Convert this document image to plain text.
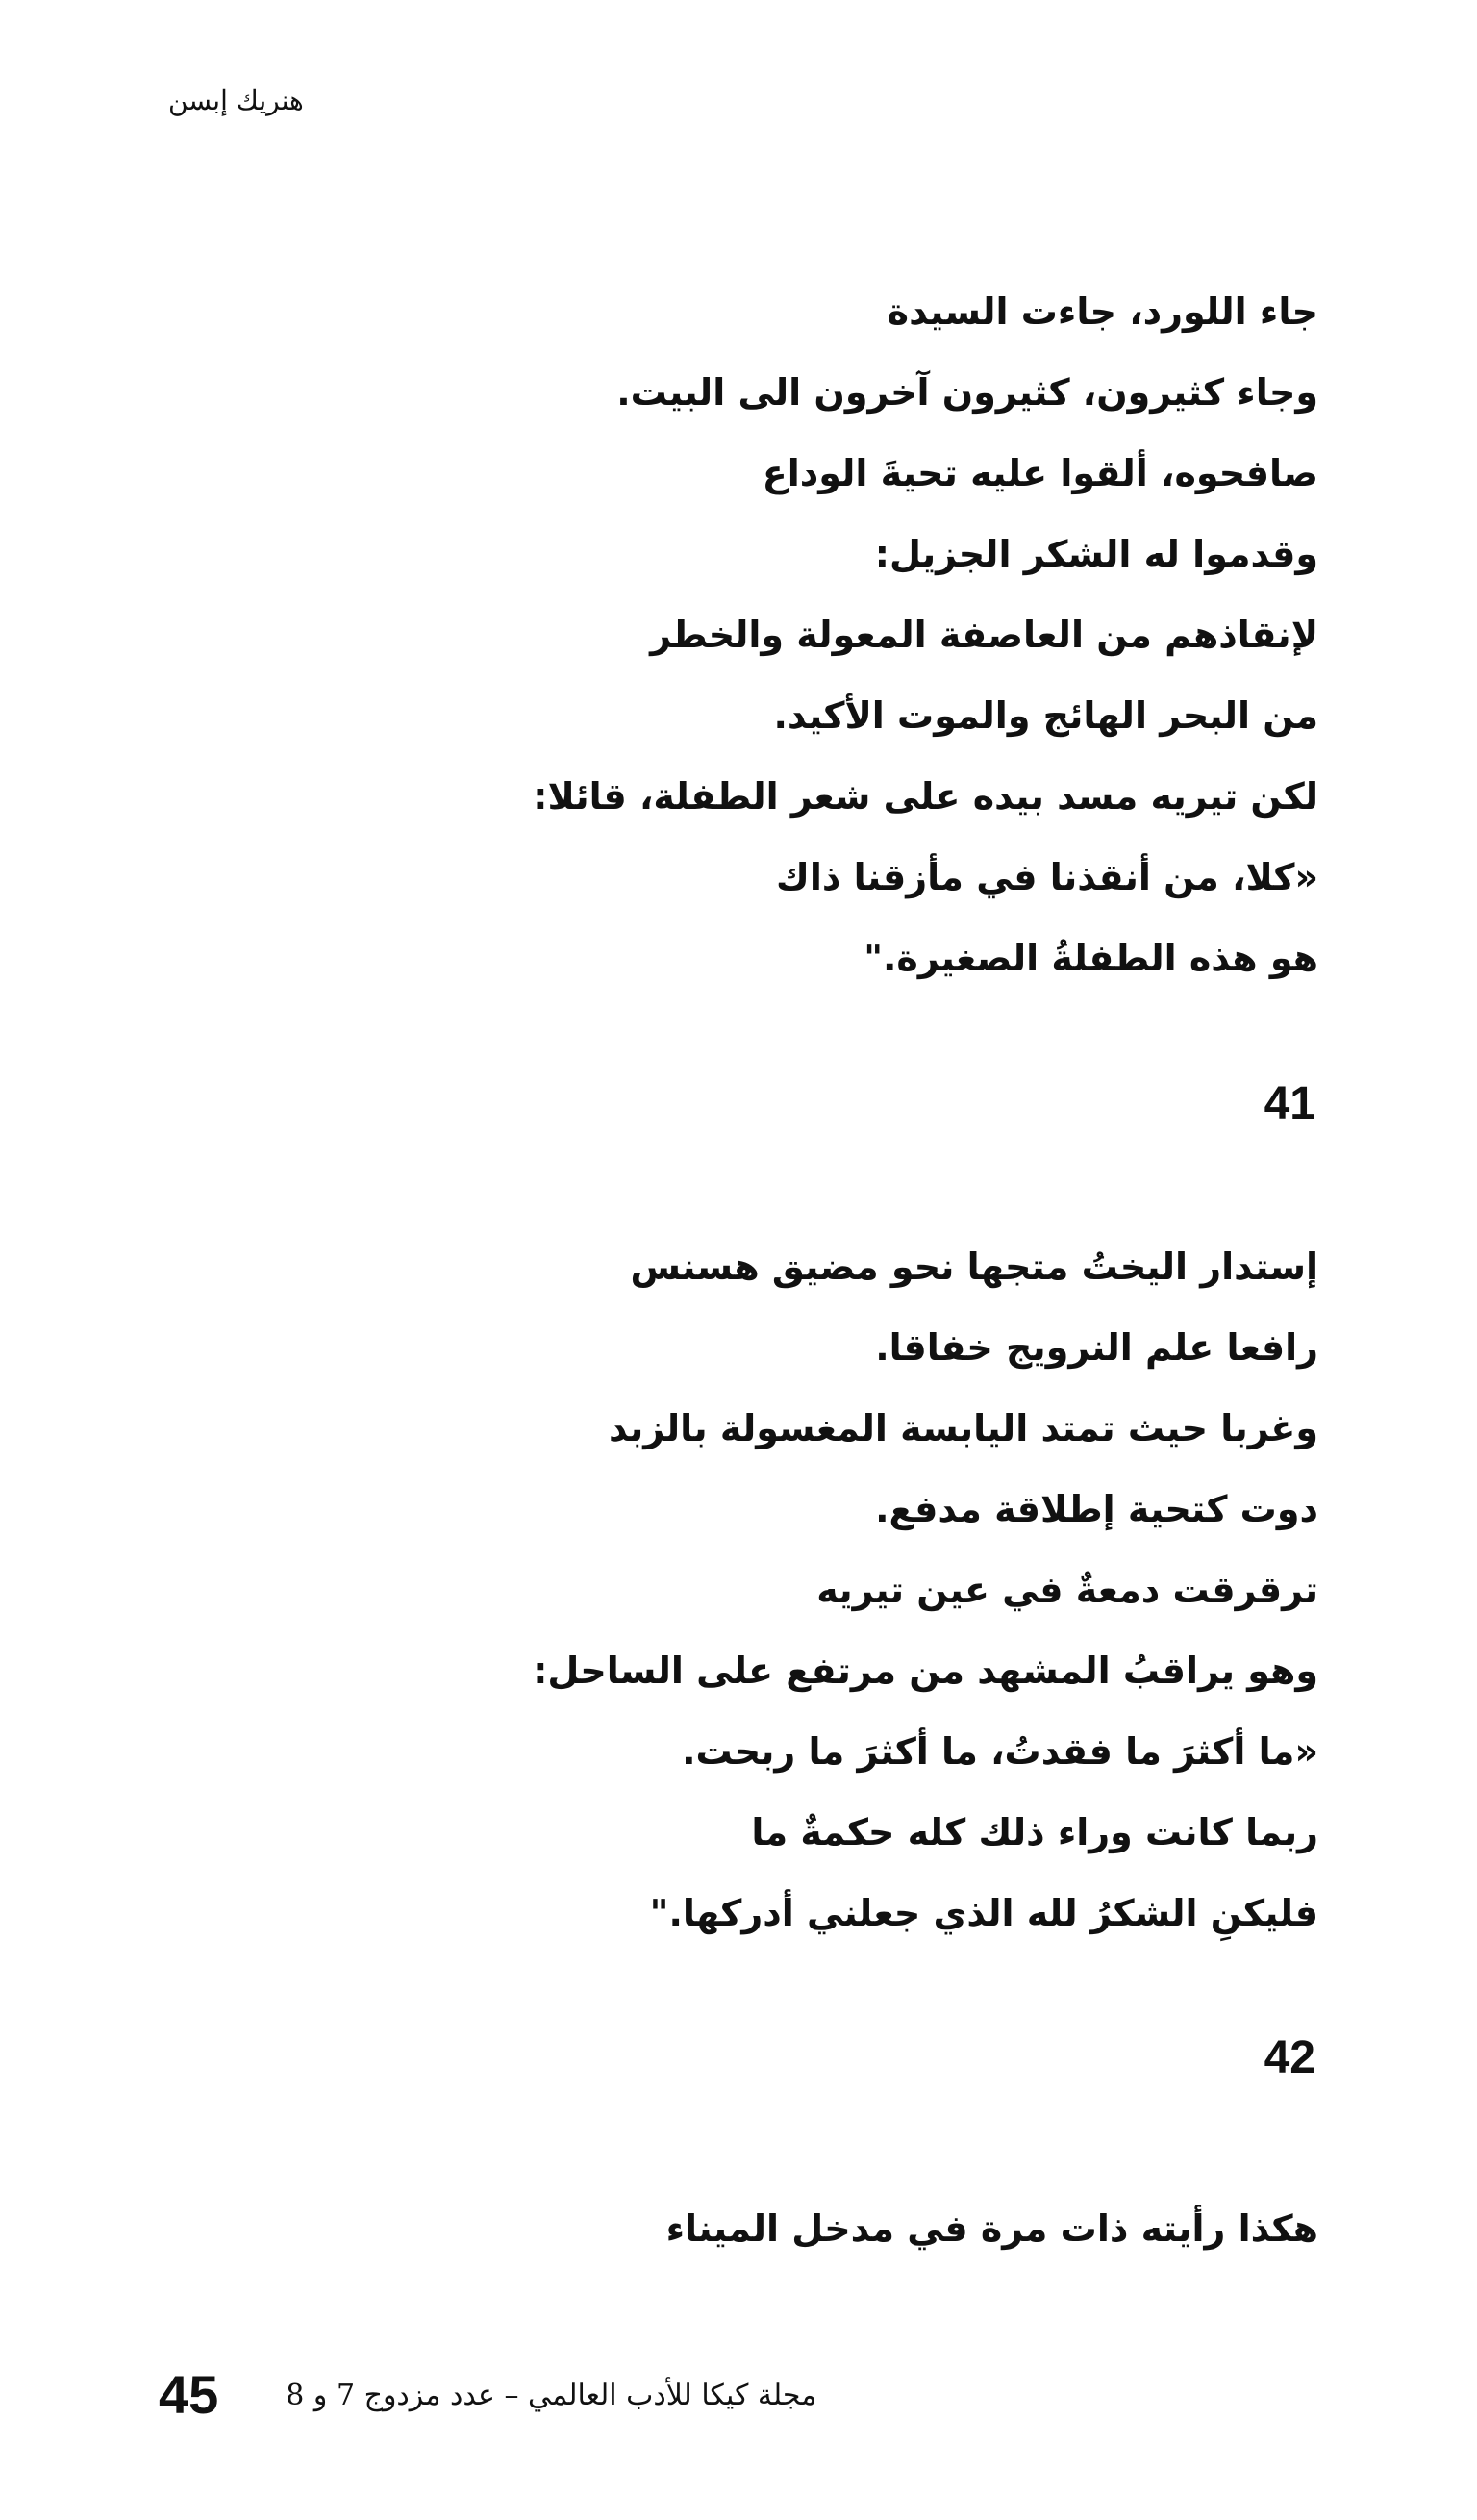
هنريك إبسن
جاء اللورد، جاءت السيدة
وجاء كثيرون، كثيرون آخرون الى البيت.
صافحوه، ألقوا عليه تحيةَ الوداع
وقدموا له الشكر الجزيل:
لإنقاذهم من العاصفة المعولة والخطر
من البحر الهائج والموت الأكيد.
لكن تيريه مسد بيده على شعر الطفلة، قائلا:
«كلا، من أنقذنا في مأزقنا ذاك
هو هذه الطفلةُ الصغيرة."
41
إستدار اليختُ متجها نحو مضيق هسنس
رافعا علم النرويج خفاقا.
وغربا حيث تمتد اليابسة المغسولة بالزبد
دوت كتحية إطلاقة مدفع.
ترقرقت دمعةٌ في عين تيريه
وهو يراقبُ المشهد من مرتفع على الساحل:
«ما أكثرَ ما فقدتُ، ما أكثرَ ما ربحت.
ربما كانت وراء ذلك كله حكمةٌ ما
فليكنِ الشكرُ لله الذي جعلني أدركها."
42
هكذا رأيته ذات مرة في مدخل الميناء
45 مجلة كيكا للأدب العالمي – عدد مزدوج 7 و 8
